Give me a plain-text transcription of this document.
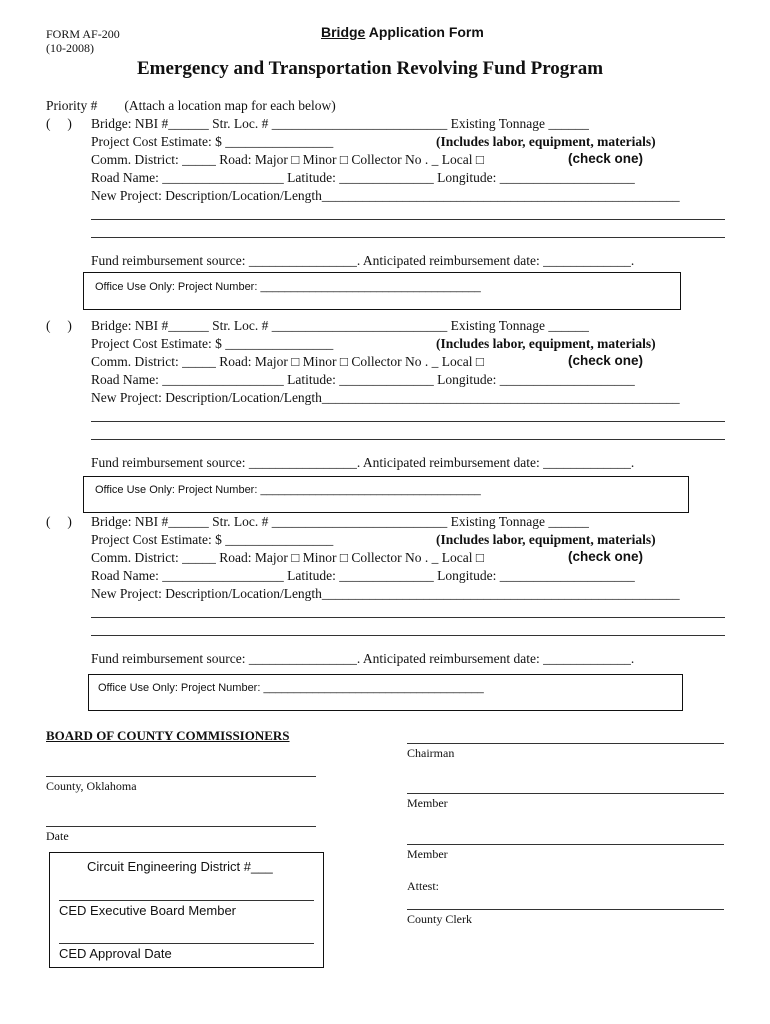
FORM AF-200
(10-2008)
Bridge Application Form
Emergency and Transportation Revolving Fund Program
Priority #        (Attach a location map for each below)
(     ) Bridge: NBI #______ Str. Loc. # __________________________ Existing Tonnage ______
Project Cost Estimate: $ ________________	(Includes labor, equipment, materials)
Comm. District: _____ Road: Major □ Minor □ Collector No . _ Local □	(check one)
Road Name: __________________ Latitude: ______________ Longitude: ____________________
New Project: Description/Location/Length_____________________________________________________
Fund reimbursement source: ________________. Anticipated reimbursement date: _____________.
Office Use Only: Project Number: ____________________________________
(     ) Bridge: NBI #______ Str. Loc. # __________________________ Existing Tonnage ______
Project Cost Estimate: $ ________________	(Includes labor, equipment, materials)
Comm. District: _____ Road: Major □ Minor □ Collector No . _ Local □	(check one)
Road Name: __________________ Latitude: ______________ Longitude: ____________________
New Project: Description/Location/Length_____________________________________________________
Fund reimbursement source: ________________. Anticipated reimbursement date: _____________.
Office Use Only: Project Number: ____________________________________
(     ) Bridge: NBI #______ Str. Loc. # __________________________ Existing Tonnage ______
Project Cost Estimate: $ ________________	(Includes labor, equipment, materials)
Comm. District: _____ Road: Major □ Minor □ Collector No . _ Local □	(check one)
Road Name: __________________ Latitude: ______________ Longitude: ____________________
New Project: Description/Location/Length_____________________________________________________
Fund reimbursement source: ________________. Anticipated reimbursement date: _____________.
Office Use Only: Project Number: ____________________________________
BOARD OF COUNTY COMMISSIONERS
County, Oklahoma
Date
Chairman
Member
Member
Attest:
County Clerk
Circuit Engineering District #___
CED Executive Board Member
CED Approval Date
